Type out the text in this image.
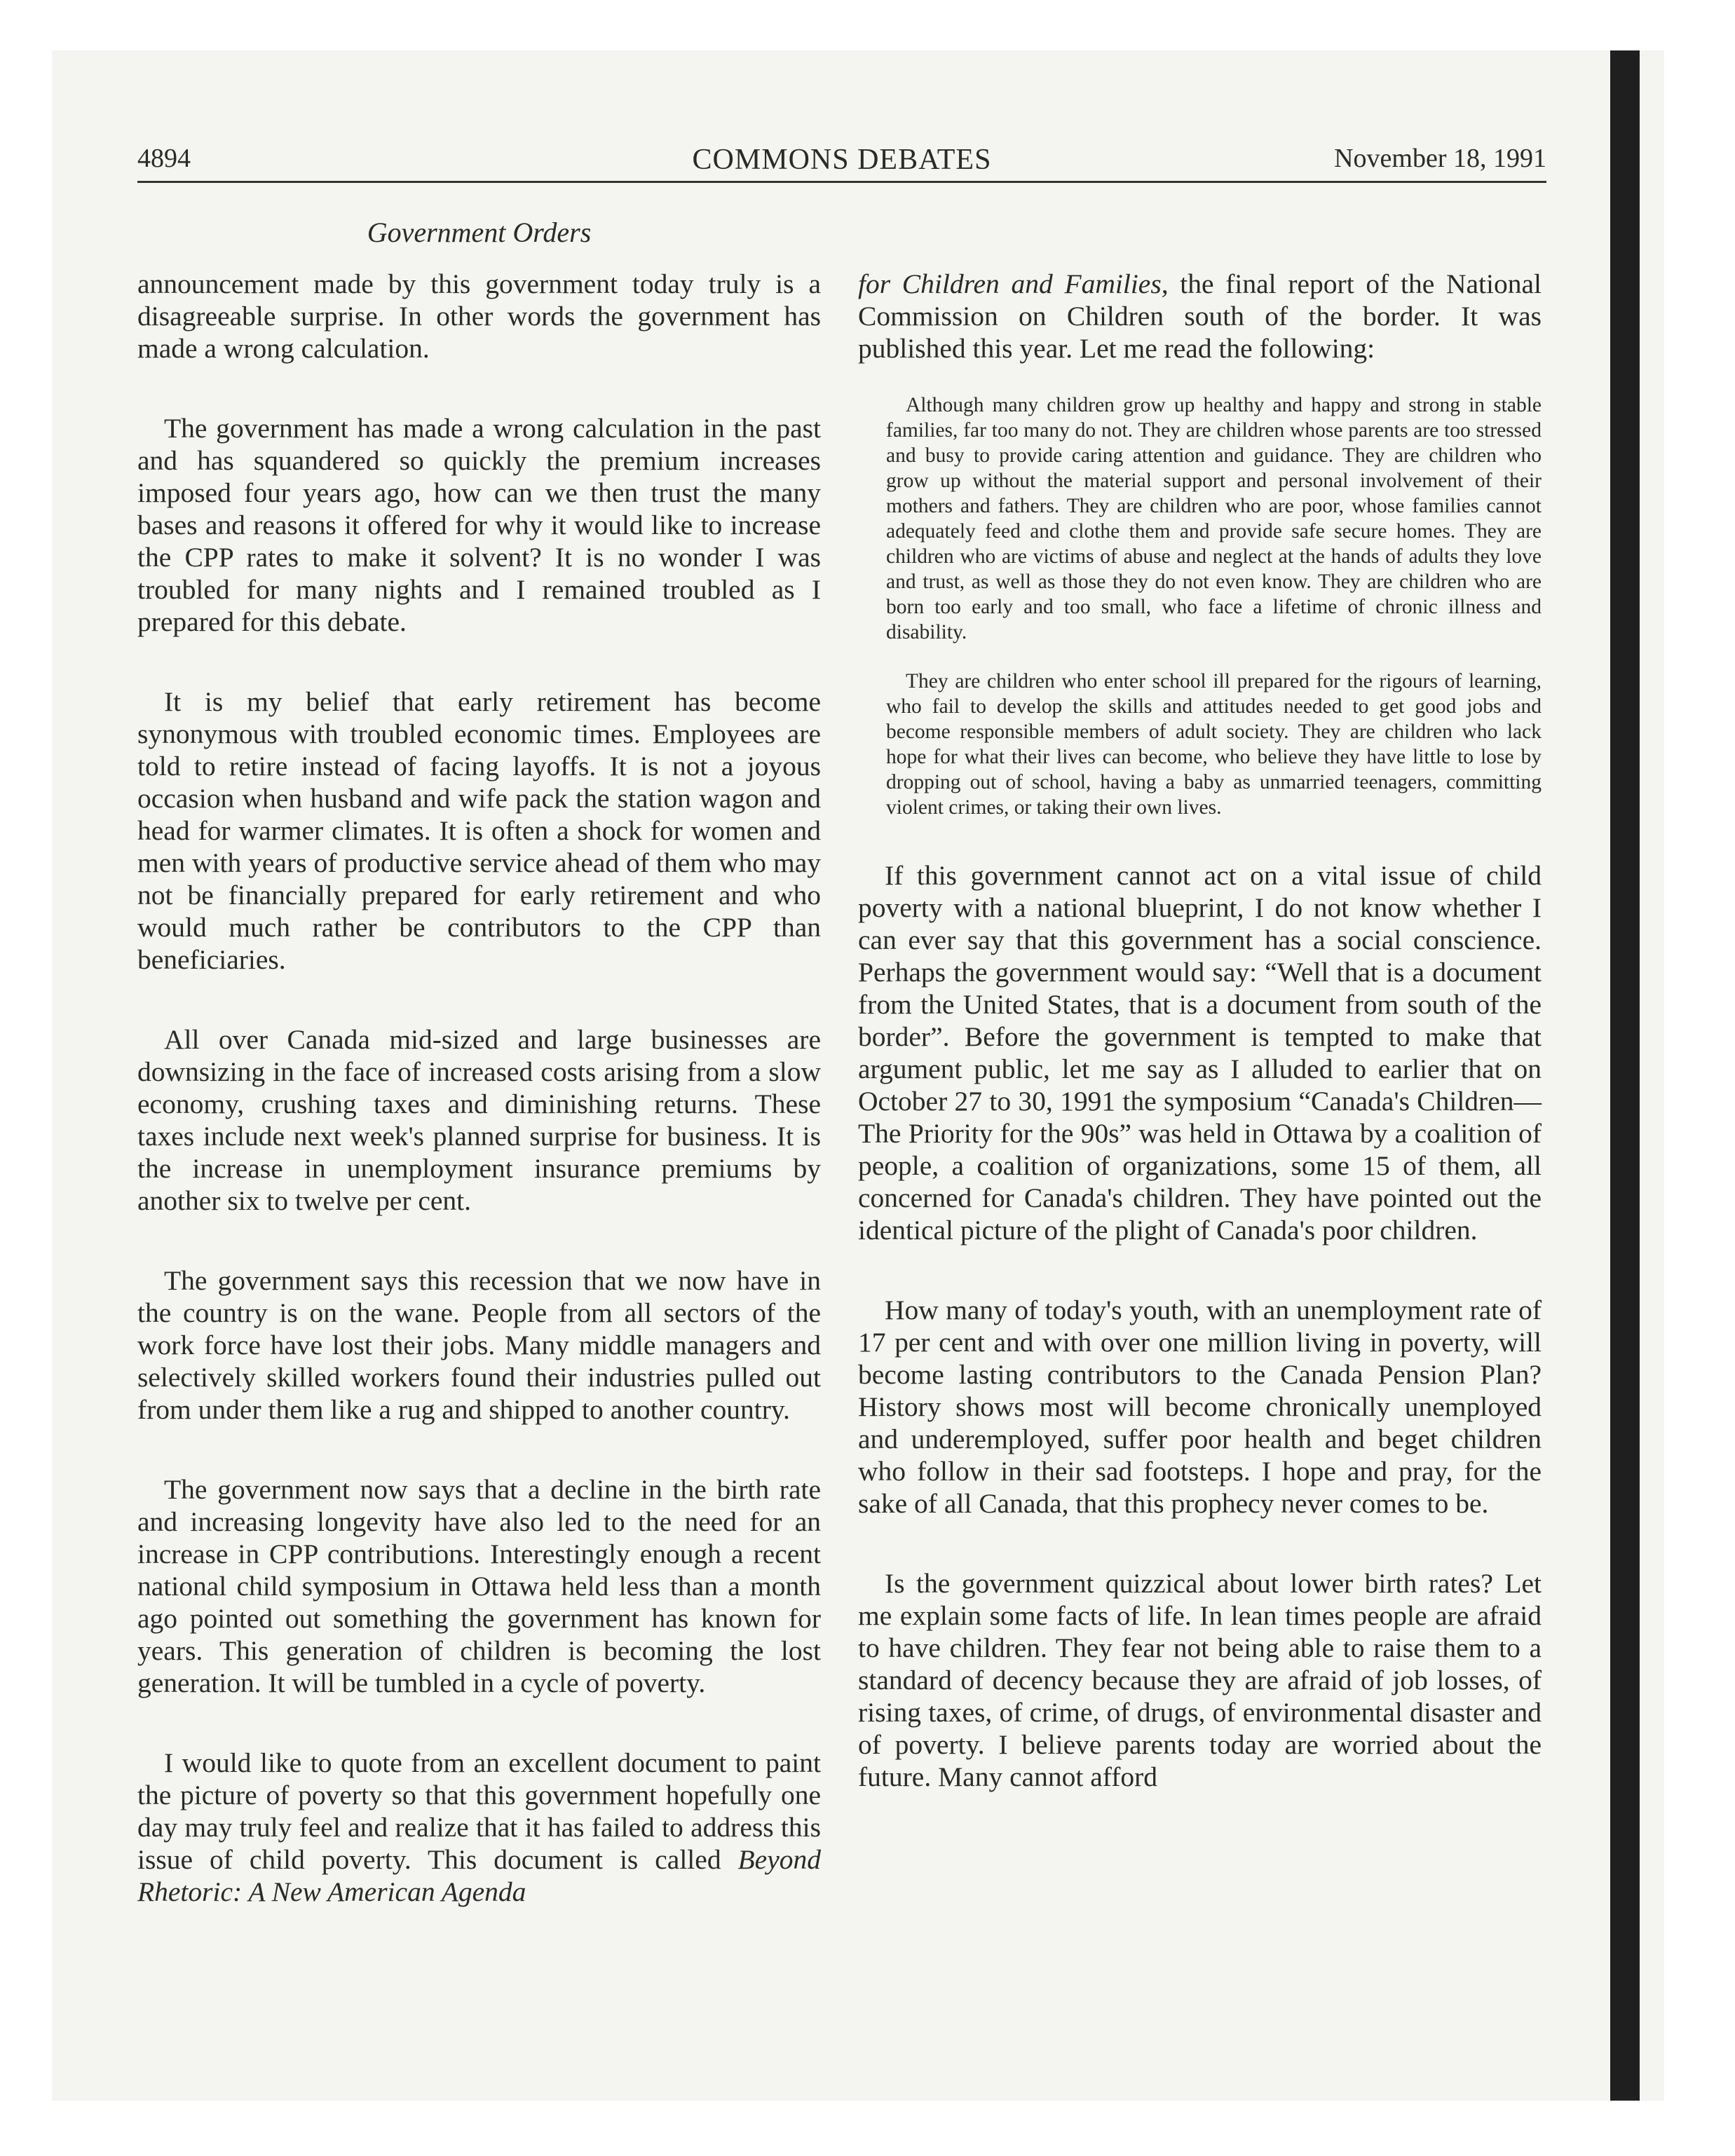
4894	COMMONS DEBATES	November 18, 1991
Government Orders

announcement made by this government today truly is a disagreeable surprise. In other words the government has made a wrong calculation.

The government has made a wrong calculation in the past and has squandered so quickly the premium increases imposed four years ago, how can we then trust the many bases and reasons it offered for why it would like to increase the CPP rates to make it solvent? It is no wonder I was troubled for many nights and I remained troubled as I prepared for this debate.

It is my belief that early retirement has become synonymous with troubled economic times. Employees are told to retire instead of facing layoffs. It is not a joyous occasion when husband and wife pack the station wagon and head for warmer climates. It is often a shock for women and men with years of productive service ahead of them who may not be financially prepared for early retirement and who would much rather be contributors to the CPP than beneficiaries.

All over Canada mid-sized and large businesses are downsizing in the face of increased costs arising from a slow economy, crushing taxes and diminishing returns. These taxes include next week's planned surprise for business. It is the increase in unemployment insurance premiums by another six to twelve per cent.

The government says this recession that we now have in the country is on the wane. People from all sectors of the work force have lost their jobs. Many middle managers and selectively skilled workers found their industries pulled out from under them like a rug and shipped to another country.

The government now says that a decline in the birth rate and increasing longevity have also led to the need for an increase in CPP contributions. Interestingly enough a recent national child symposium in Ottawa held less than a month ago pointed out something the government has known for years. This generation of children is becoming the lost generation. It will be tumbled in a cycle of poverty.

I would like to quote from an excellent document to paint the picture of poverty so that this government hopefully one day may truly feel and realize that it has failed to address this issue of child poverty. This document is called Beyond Rhetoric: A New American Agenda

for Children and Families, the final report of the National Commission on Children south of the border. It was published this year. Let me read the following:

Although many children grow up healthy and happy and strong in stable families, far too many do not. They are children whose parents are too stressed and busy to provide caring attention and guidance. They are children who grow up without the material support and personal involvement of their mothers and fathers. They are children who are poor, whose families cannot adequately feed and clothe them and provide safe secure homes. They are children who are victims of abuse and neglect at the hands of adults they love and trust, as well as those they do not even know. They are children who are born too early and too small, who face a lifetime of chronic illness and disability.

They are children who enter school ill prepared for the rigours of learning, who fail to develop the skills and attitudes needed to get good jobs and become responsible members of adult society. They are children who lack hope for what their lives can become, who believe they have little to lose by dropping out of school, having a baby as unmarried teenagers, committing violent crimes, or taking their own lives.

If this government cannot act on a vital issue of child poverty with a national blueprint, I do not know whether I can ever say that this government has a social conscience. Perhaps the government would say: “Well that is a document from the United States, that is a document from south of the border”. Before the government is tempted to make that argument public, let me say as I alluded to earlier that on October 27 to 30, 1991 the symposium “Canada's Children—The Priority for the 90s” was held in Ottawa by a coalition of people, a coalition of organizations, some 15 of them, all concerned for Canada's children. They have pointed out the identical picture of the plight of Canada's poor children.

How many of today's youth, with an unemployment rate of 17 per cent and with over one million living in poverty, will become lasting contributors to the Canada Pension Plan? History shows most will become chronically unemployed and underemployed, suffer poor health and beget children who follow in their sad footsteps. I hope and pray, for the sake of all Canada, that this prophecy never comes to be.

Is the government quizzical about lower birth rates? Let me explain some facts of life. In lean times people are afraid to have children. They fear not being able to raise them to a standard of decency because they are afraid of job losses, of rising taxes, of crime, of drugs, of environmental disaster and of poverty. I believe parents today are worried about the future. Many cannot afford
